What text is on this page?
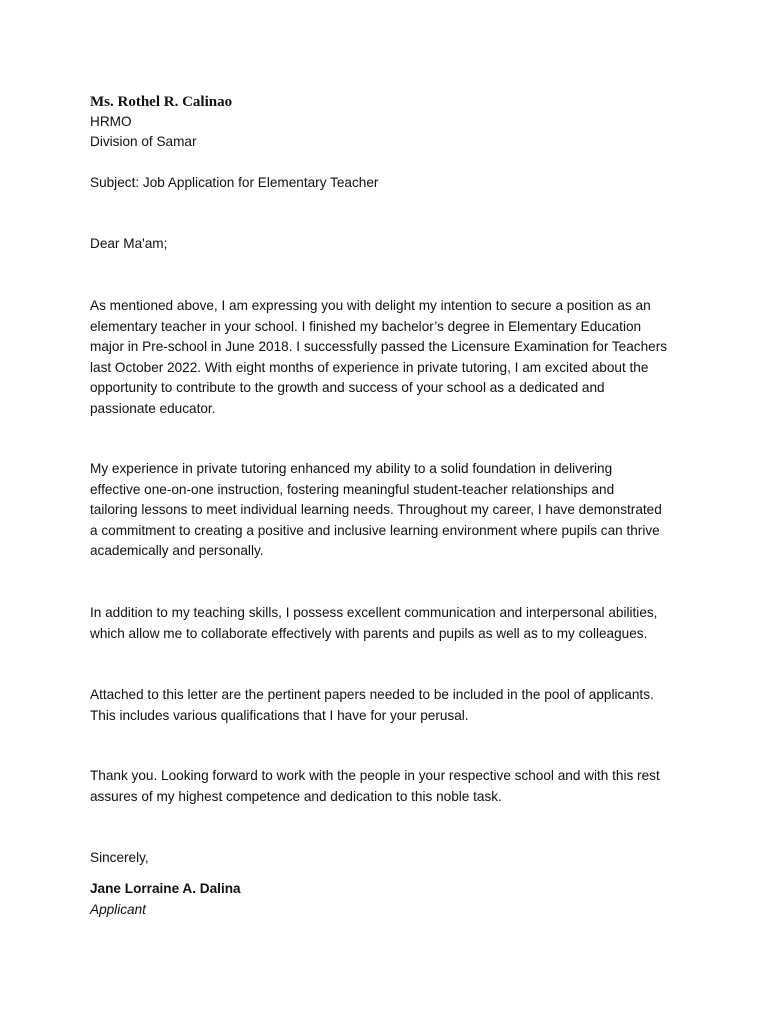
Ms. Rothel R. Calinao

HRMO

Division of Samar

Subject: Job Application for Elementary Teacher

Dear Ma'am;

As mentioned above, I am expressing you with delight my intention to secure a position as an
elementary teacher in your school. I finished my bachelor’s degree in Elementary Education
major in Pre-school in June 2018. I successfully passed the Licensure Examination for Teachers
last October 2022. With eight months of experience in private tutoring, I am excited about the
opportunity to contribute to the growth and success of your school as a dedicated and
passionate educator.
My experience in private tutoring enhanced my ability to a solid foundation in delivering
effective one-on-one instruction, fostering meaningful student-teacher relationships and
tailoring lessons to meet individual learning needs. Throughout my career, I have demonstrated
a commitment to creating a positive and inclusive learning environment where pupils can thrive
academically and personally.
In addition to my teaching skills, I possess excellent communication and interpersonal abilities,
which allow me to collaborate effectively with parents and pupils as well as to my colleagues.
Attached to this letter are the pertinent papers needed to be included in the pool of applicants.
This includes various qualifications that I have for your perusal.
Thank you. Looking forward to work with the people in your respective school and with this rest
assures of my highest competence and dedication to this noble task.

Sincerely,

Jane Lorraine A. Dalina

Applicant
